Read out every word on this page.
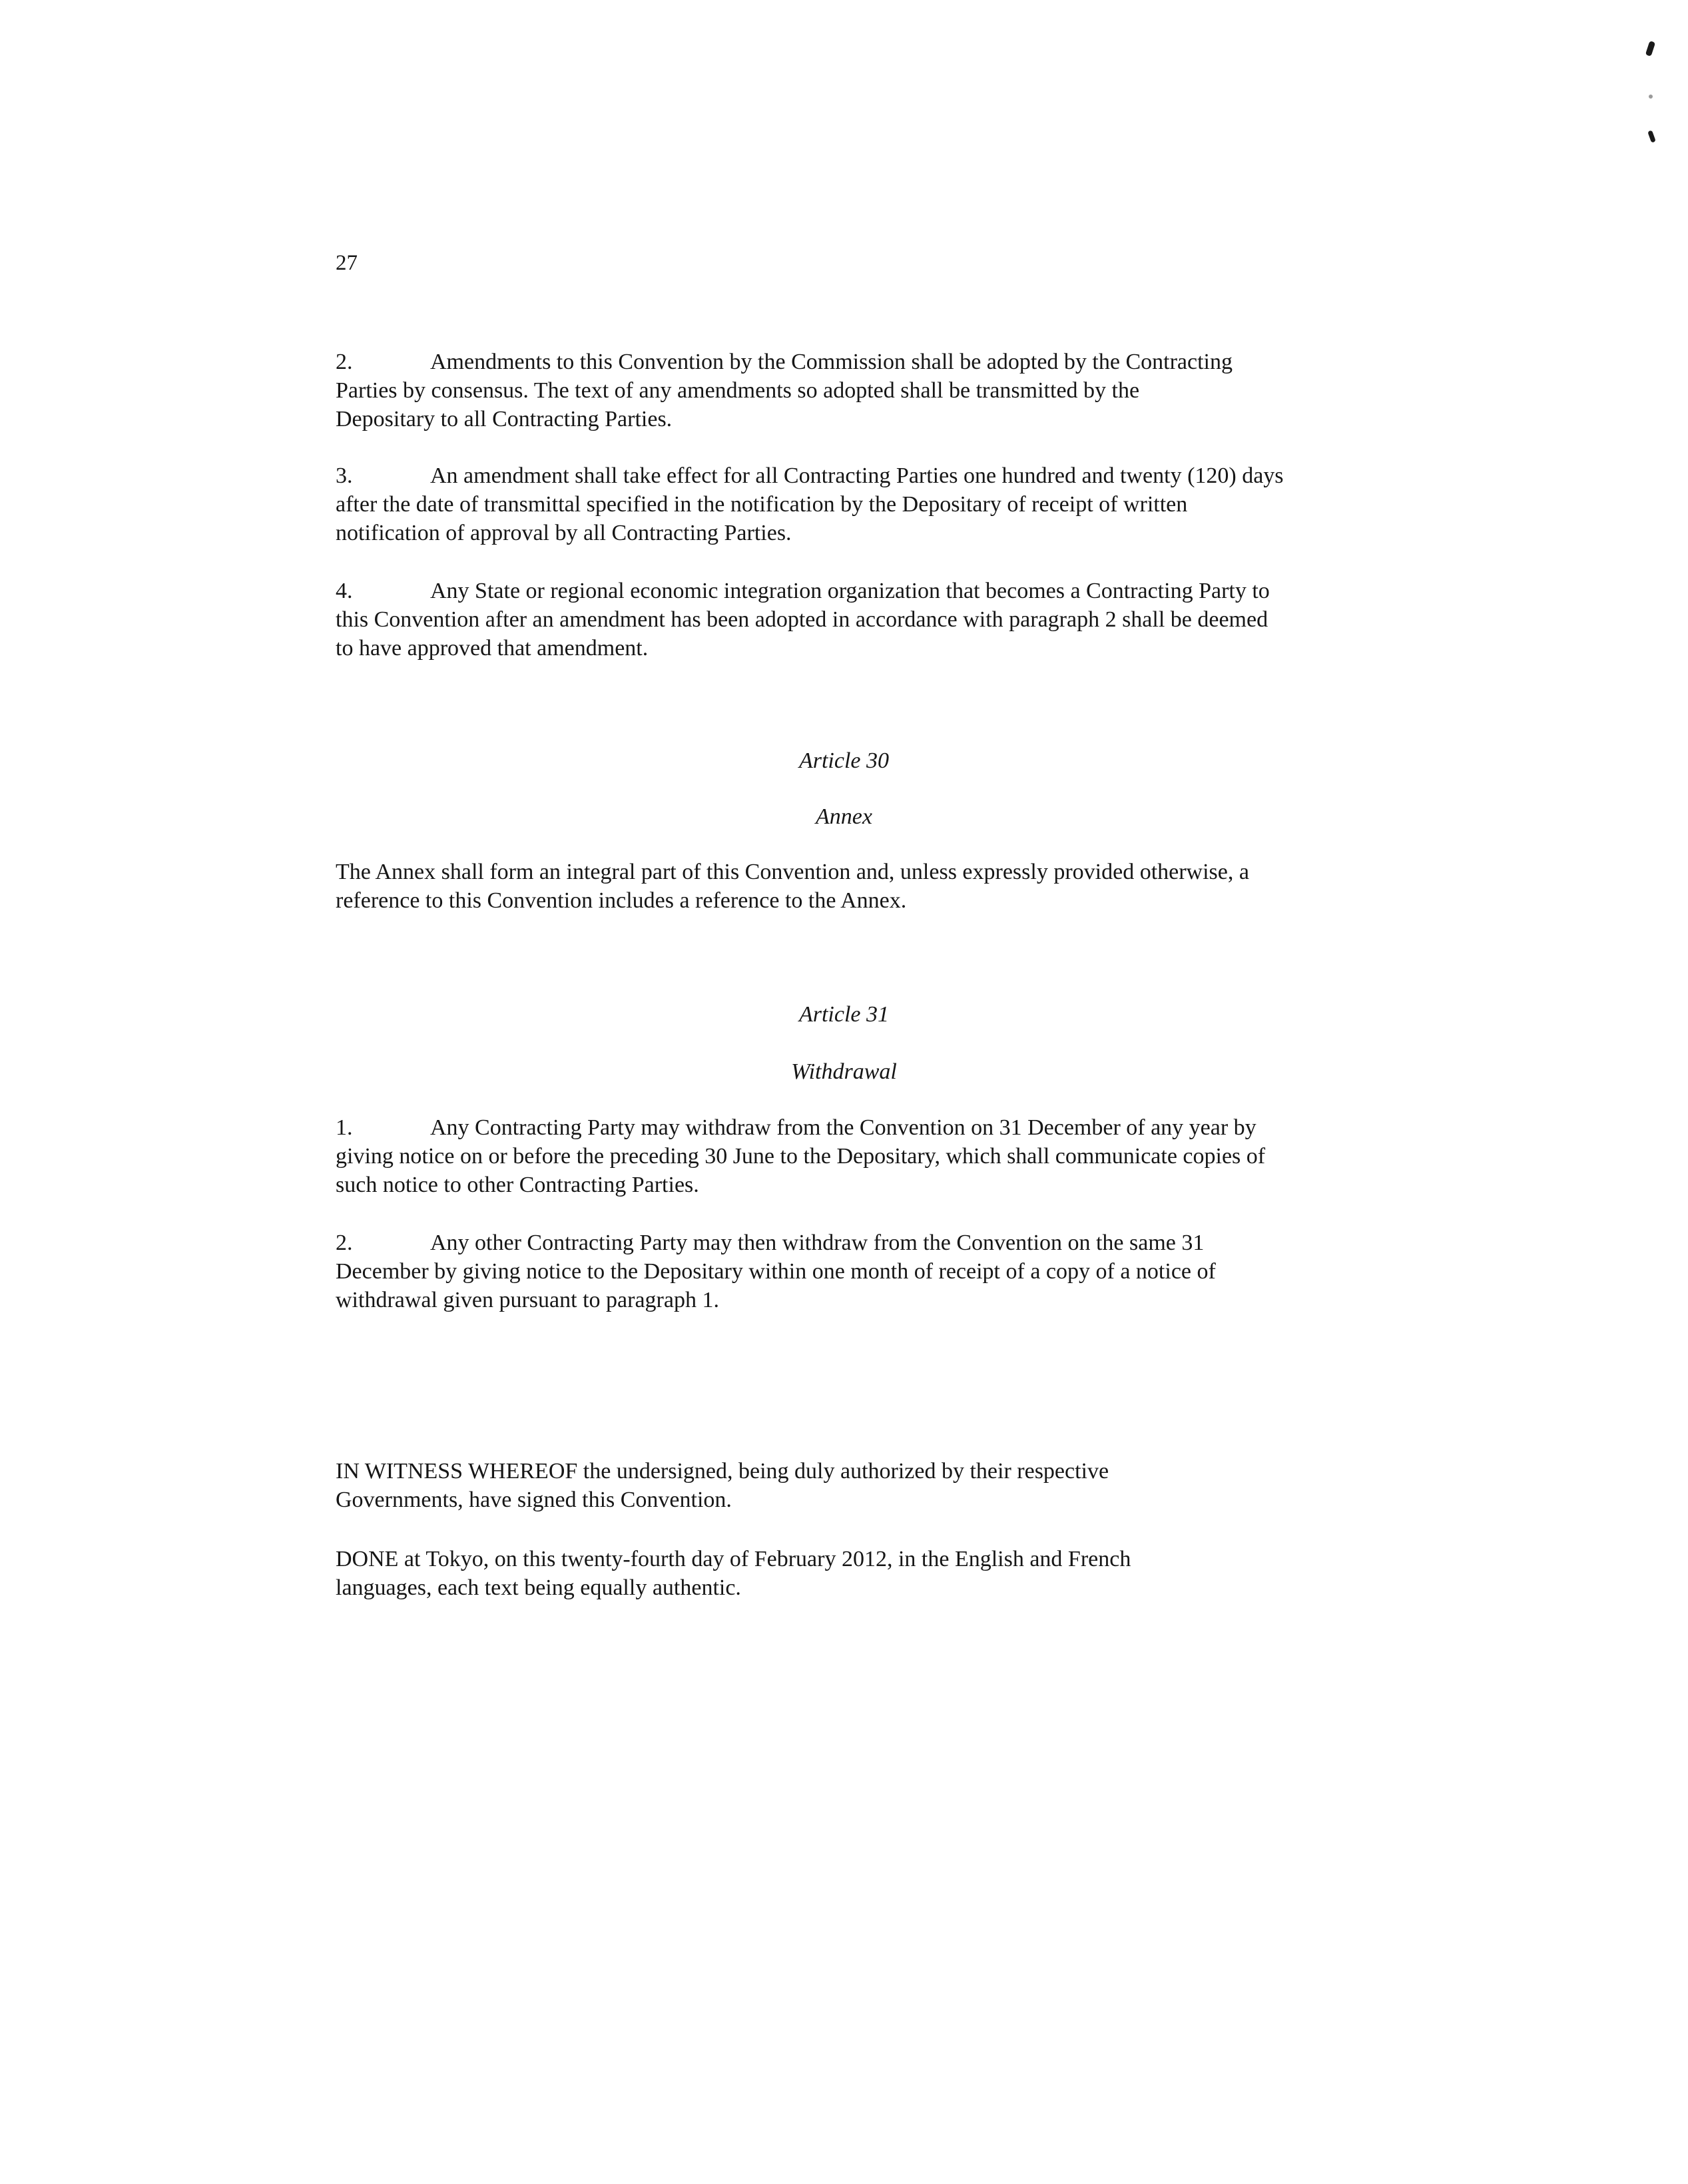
27
2.	Amendments to this Convention by the Commission shall be adopted by the Contracting
Parties by consensus. The text of any amendments so adopted shall be transmitted by the
Depositary to all Contracting Parties.
3.	An amendment shall take effect for all Contracting Parties one hundred and twenty (120) days
after the date of transmittal specified in the notification by the Depositary of receipt of written
notification of approval by all Contracting Parties.
4.	Any State or regional economic integration organization that becomes a Contracting Party to
this Convention after an amendment has been adopted in accordance with paragraph 2 shall be deemed
to have approved that amendment.
Article 30
Annex
The Annex shall form an integral part of this Convention and, unless expressly provided otherwise, a
reference to this Convention includes a reference to the Annex.
Article 31
Withdrawal
1.	Any Contracting Party may withdraw from the Convention on 31 December of any year by
giving notice on or before the preceding 30 June to the Depositary, which shall communicate copies of
such notice to other Contracting Parties.
2.	Any other Contracting Party may then withdraw from the Convention on the same 31
December by giving notice to the Depositary within one month of receipt of a copy of a notice of
withdrawal given pursuant to paragraph 1.
IN WITNESS WHEREOF the undersigned, being duly authorized by their respective
Governments, have signed this Convention.
DONE at Tokyo, on this twenty-fourth day of February 2012, in the English and French
languages, each text being equally authentic.
